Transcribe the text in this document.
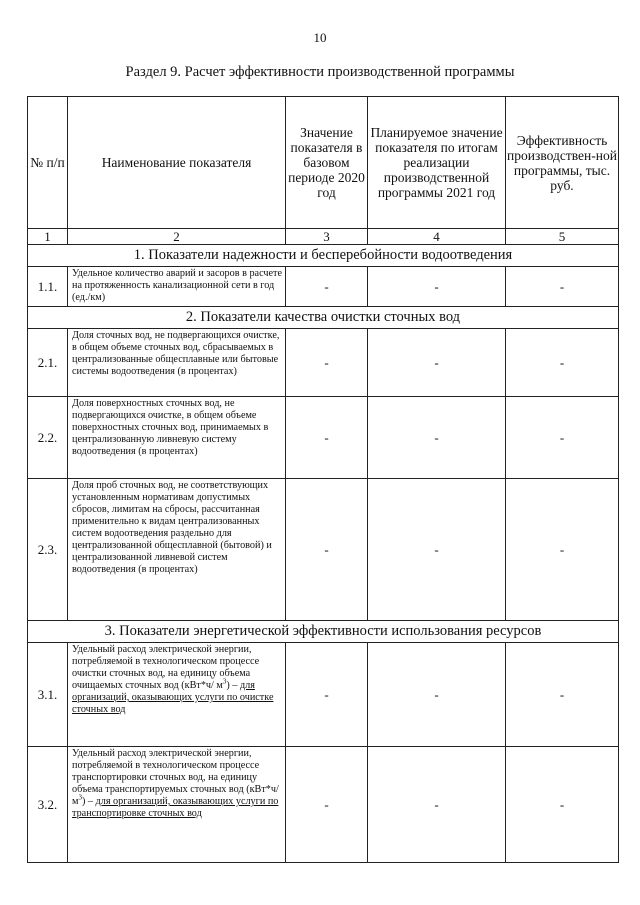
10
Раздел 9. Расчет эффективности производственной программы
№ п/п	Наименование показателя	Значение показателя в базовом периоде 2020 год	Планируемое значение показателя по итогам реализации производственной программы 2021 год	Эффективность производствен-ной программы, тыс. руб.
1	2	3	4	5
1. Показатели надежности и бесперебойности водоотведения				
1.1.	Удельное количество аварий и засоров в расчете на протяженность канализационной сети в год (ед./км)	-	-	-
2. Показатели качества очистки сточных вод				
2.1.	Доля сточных вод, не подвергающихся очистке, в общем объеме сточных вод, сбрасываемых в централизованные общесплавные или бытовые системы водоотведения (в процентах)	-	-	-
2.2.	Доля поверхностных сточных вод, не подвергающихся очистке, в общем объеме поверхностных сточных вод, принимаемых в централизованную ливневую систему водоотведения (в процентах)	-	-	-
2.3.	Доля проб сточных вод, не соответствующих установленным нормативам допустимых сбросов, лимитам на сбросы, рассчитанная применительно к видам централизованных систем водоотведения раздельно для централизованной общесплавной (бытовой) и централизованной ливневой систем водоотведения (в процентах)	-	-	-
3. Показатели энергетической эффективности использования ресурсов				
3.1.	Удельный расход электрической энергии, потребляемой в технологическом процессе очистки сточных вод, на единицу объема очищаемых сточных вод (кВт*ч/ $м^3$) – для организаций, оказывающих услуги по очистке сточных вод	-	-	-
3.2.	Удельный расход электрической энергии, потребляемой в технологическом процессе транспортировки сточных вод, на единицу объема транспортируемых сточных вод (кВт*ч/ $м^3$) – для организаций, оказывающих услуги по транспортировке сточных вод	-	-	-
